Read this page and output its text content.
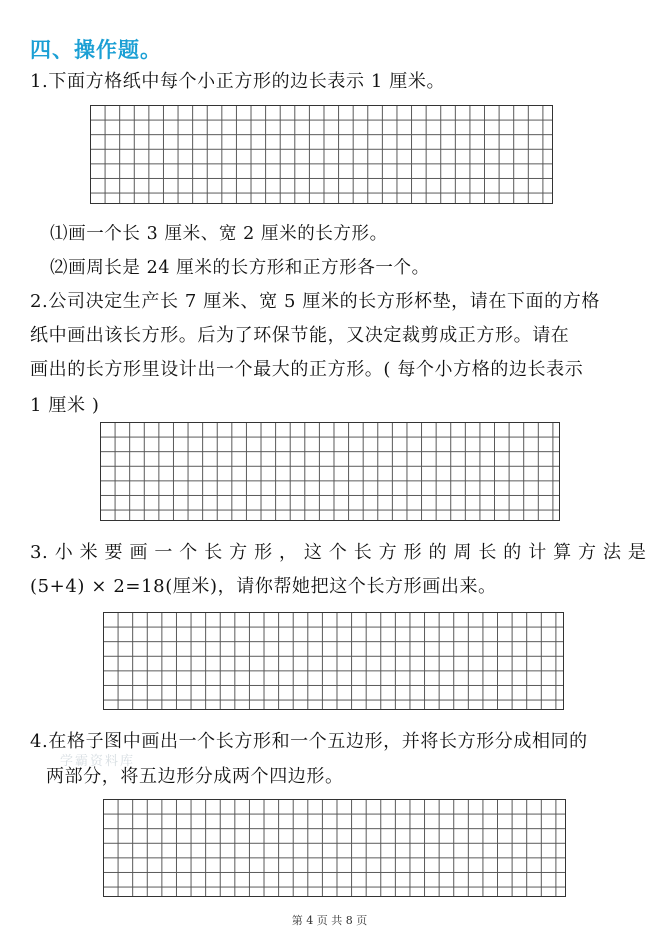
四、操作题。
1.下面方格纸中每个小正方形的边长表示 1 厘米。
⑴画一个长 3 厘米、宽 2 厘米的长方形。
⑵画周长是 24 厘米的长方形和正方形各一个。
2.公司决定生产长 7 厘米、宽 5 厘米的长方形杯垫，请在下面的方格
纸中画出该长方形。后为了环保节能，又决定裁剪成正方形。请在
画出的长方形里设计出一个最大的正方形。( 每个小方格的边长表示
1 厘米 )
3. 小 米 要 画 一 个 长 方 形 ， 这 个 长 方 形 的 周 长 的 计 算 方 法 是
(5+4) × 2=18(厘米)，请你帮她把这个长方形画出来。
学霸资料库
4.在格子图中画出一个长方形和一个五边形，并将长方形分成相同的
两部分，将五边形分成两个四边形。
第 4 页 共 8 页
